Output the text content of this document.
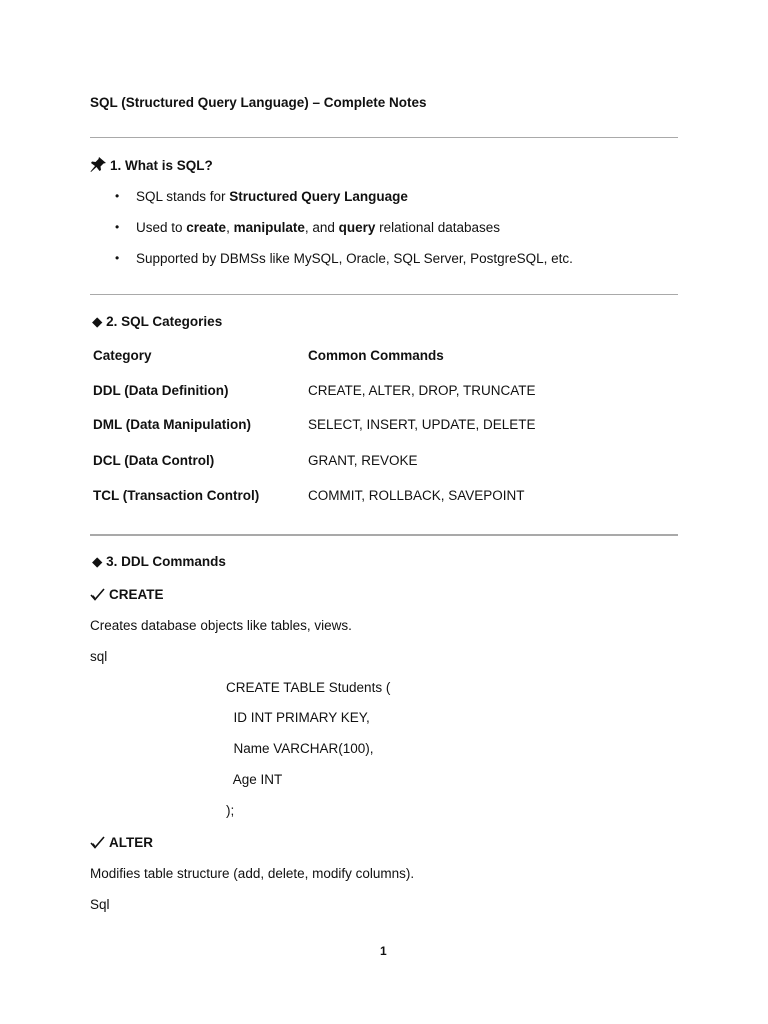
SQL (Structured Query Language) – Complete Notes
1. What is SQL?
• SQL stands for Structured Query Language
• Used to create, manipulate, and query relational databases
• Supported by DBMSs like MySQL, Oracle, SQL Server, PostgreSQL, etc.
◆ 2. SQL Categories
Category	Common Commands
DDL (Data Definition)	CREATE, ALTER, DROP, TRUNCATE
DML (Data Manipulation)	SELECT, INSERT, UPDATE, DELETE
DCL (Data Control)	GRANT, REVOKE
TCL (Transaction Control)	COMMIT, ROLLBACK, SAVEPOINT
◆ 3. DDL Commands
CREATE
Creates database objects like tables, views.
sql
CREATE TABLE Students (
ID INT PRIMARY KEY,
Name VARCHAR(100),
Age INT
);
ALTER
Modifies table structure (add, delete, modify columns).
Sql
1
